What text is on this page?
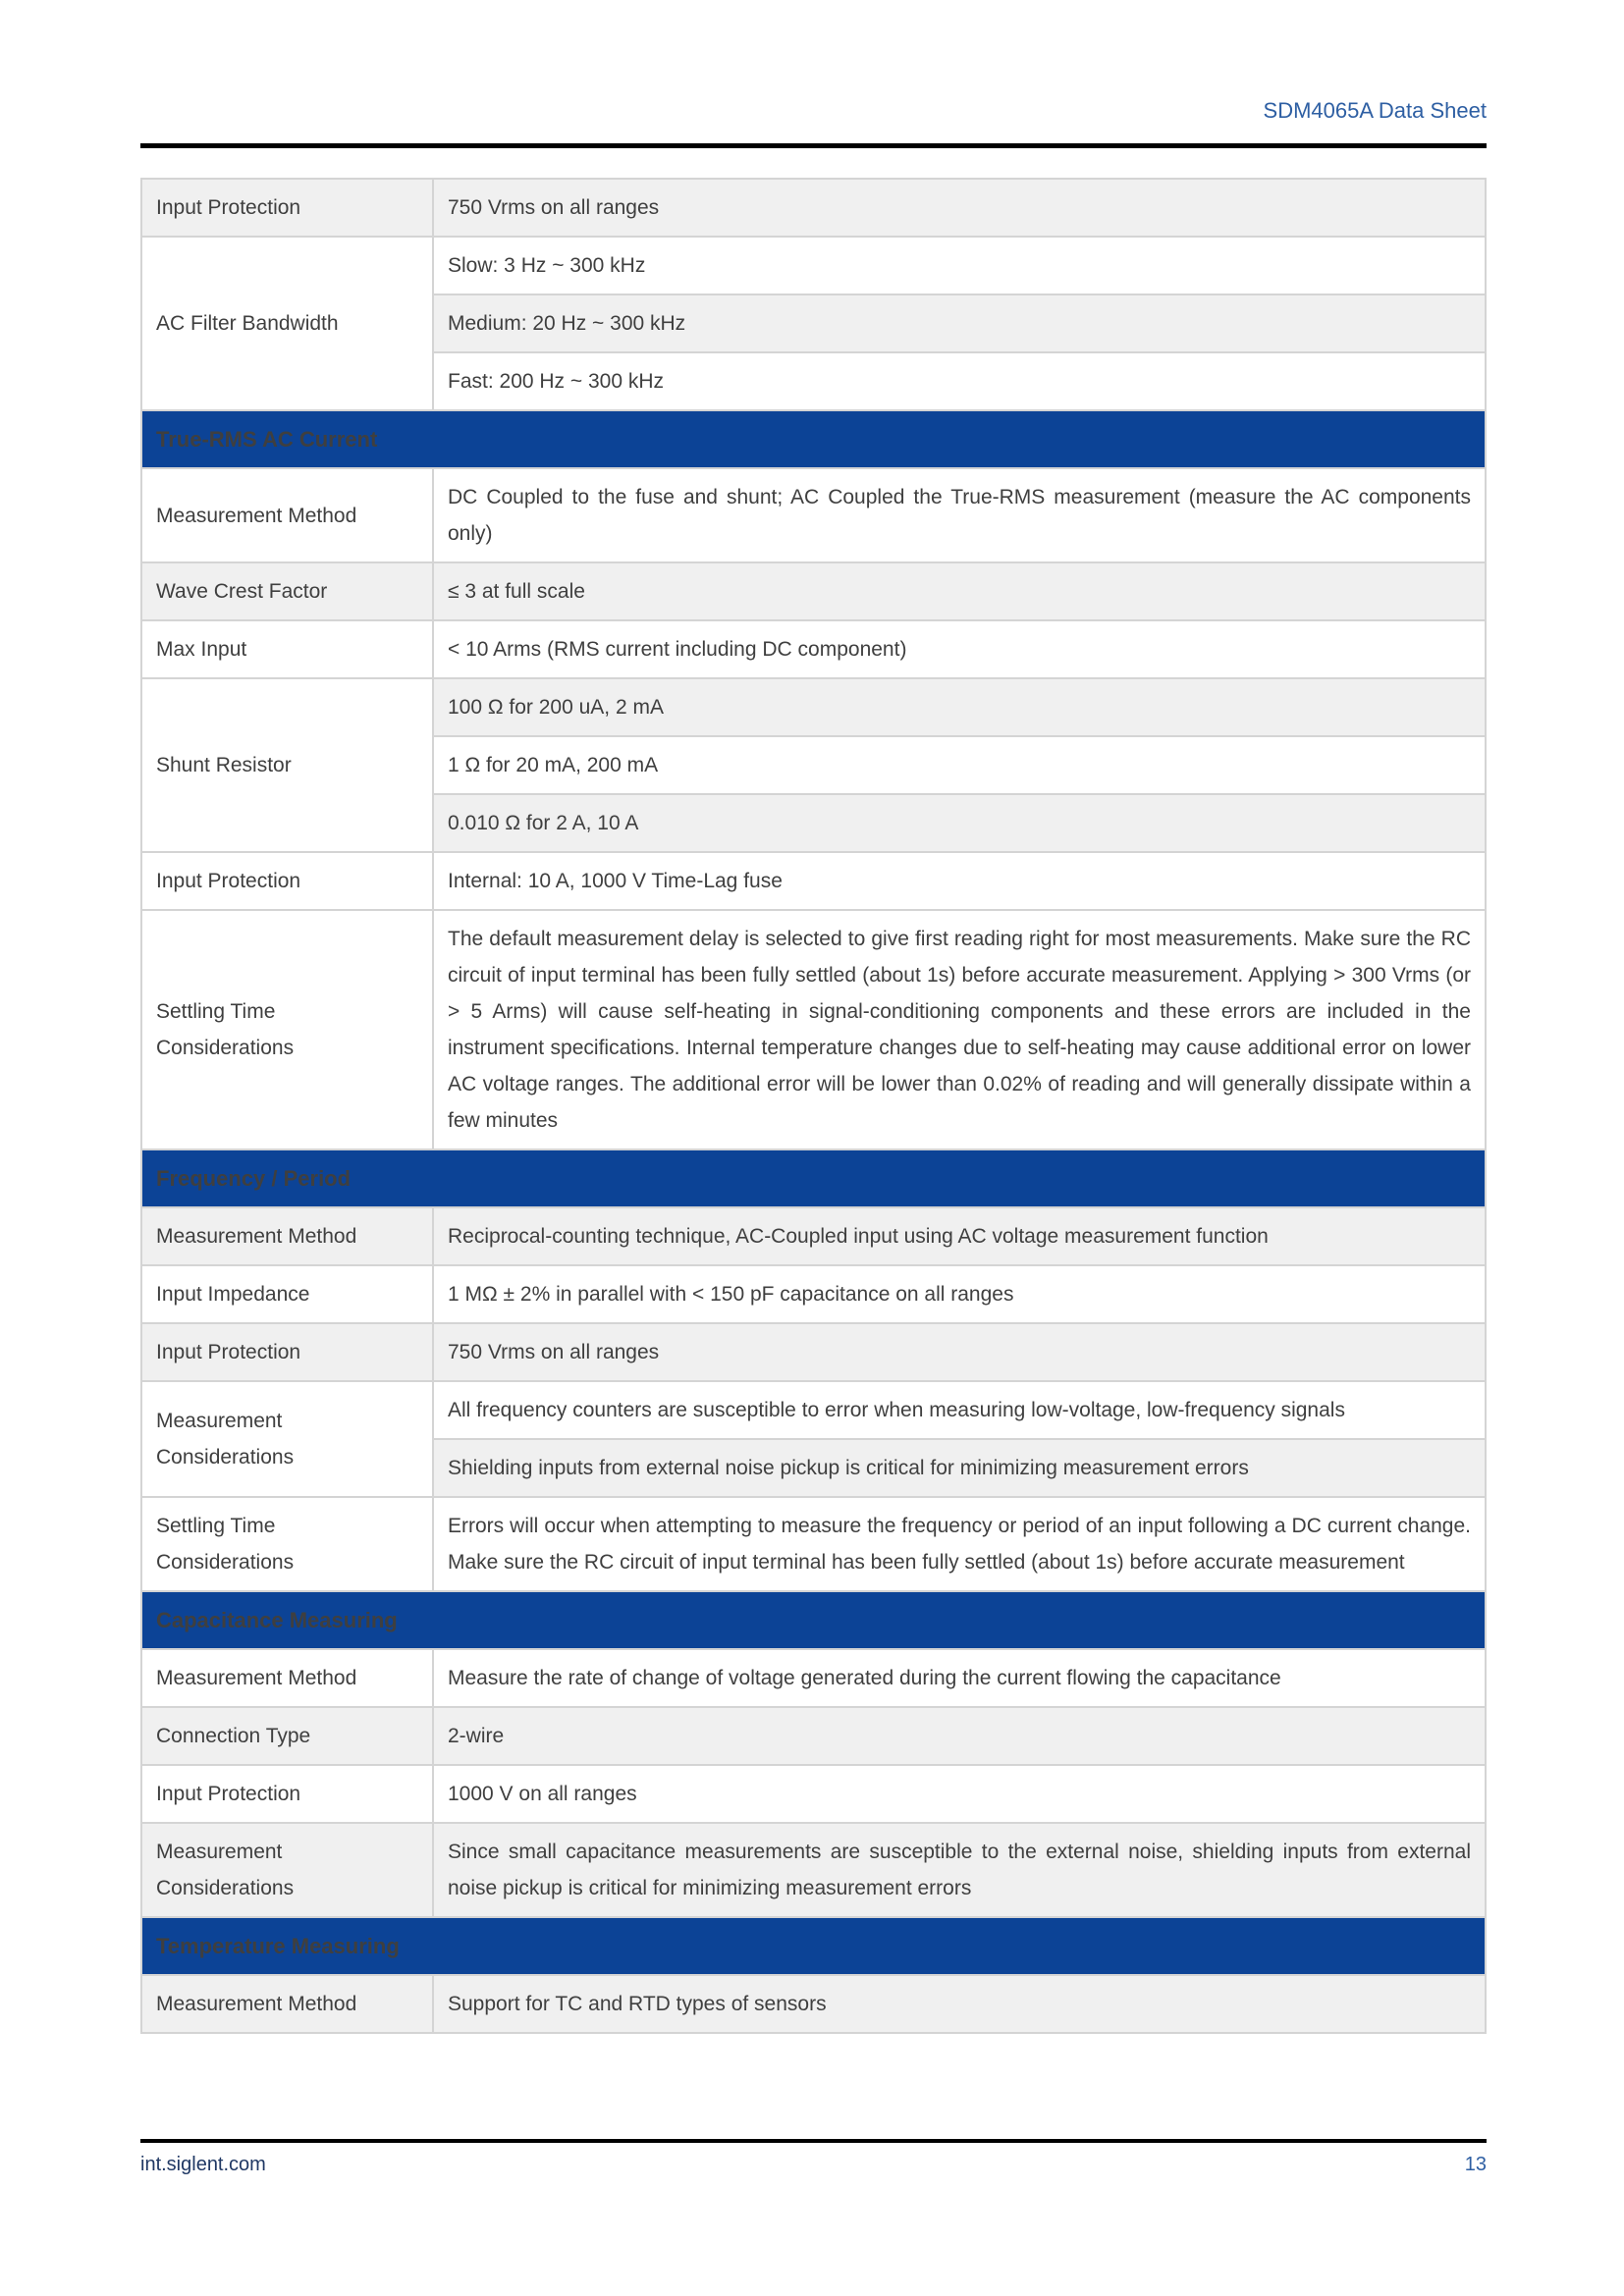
SDM4065A Data Sheet
Input Protection	750 Vrms on all ranges
AC Filter Bandwidth	Slow: 3 Hz ~ 300 kHz
	Medium: 20 Hz ~ 300 kHz
	Fast: 200 Hz ~ 300 kHz
True-RMS AC Current	
Measurement Method	DC Coupled to the fuse and shunt; AC Coupled the True-RMS measurement (measure the AC components only)
Wave Crest Factor	≤ 3 at full scale
Max Input	< 10 Arms (RMS current including DC component)
Shunt Resistor	100 Ω for 200 uA, 2 mA
	1 Ω for 20 mA, 200 mA
	0.010 Ω for 2 A, 10 A
Input Protection	Internal: 10 A, 1000 V Time-Lag fuse
Settling Time Considerations	The default measurement delay is selected to give first reading right for most measurements. Make sure the RC circuit of input terminal has been fully settled (about 1s) before accurate measurement. Applying > 300 Vrms (or > 5 Arms) will cause self-heating in signal-conditioning components and these errors are included in the instrument specifications. Internal temperature changes due to self-heating may cause additional error on lower AC voltage ranges. The additional error will be lower than 0.02% of reading and will generally dissipate within a few minutes
Frequency / Period	
Measurement Method	Reciprocal-counting technique, AC-Coupled input using AC voltage measurement function
Input Impedance	1 MΩ ± 2% in parallel with < 150 pF capacitance on all ranges
Input Protection	750 Vrms on all ranges
Measurement Considerations	All frequency counters are susceptible to error when measuring low-voltage, low-frequency signals
	Shielding inputs from external noise pickup is critical for minimizing measurement errors
Settling Time Considerations	Errors will occur when attempting to measure the frequency or period of an input following a DC current change. Make sure the RC circuit of input terminal has been fully settled (about 1s) before accurate measurement
Capacitance Measuring	
Measurement Method	Measure the rate of change of voltage generated during the current flowing the capacitance
Connection Type	2-wire
Input Protection	1000 V on all ranges
Measurement Considerations	Since small capacitance measurements are susceptible to the external noise, shielding inputs from external noise pickup is critical for minimizing measurement errors
Temperature Measuring	
Measurement Method	Support for TC and RTD types of sensors
int.siglent.com	13
